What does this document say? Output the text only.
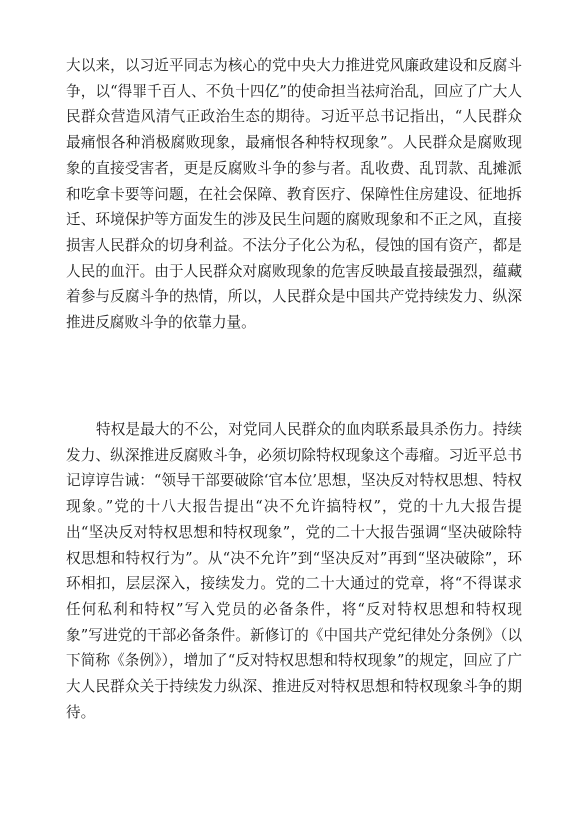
大以来，以习近平同志为核心的党中央大力推进党风廉政建设和反腐斗争，以“得罪千百人、不负十四亿”的使命担当祛疴治乱，回应了广大人民群众营造风清气正政治生态的期待。习近平总书记指出，“人民群众最痛恨各种消极腐败现象，最痛恨各种特权现象”。人民群众是腐败现象的直接受害者，更是反腐败斗争的参与者。乱收费、乱罚款、乱摊派和吃拿卡要等问题，在社会保障、教育医疗、保障性住房建设、征地拆迁、环境保护等方面发生的涉及民生问题的腐败现象和不正之风，直接损害人民群众的切身利益。不法分子化公为私，侵蚀的国有资产，都是人民的血汗。由于人民群众对腐败现象的危害反映最直接最强烈，蕴藏着参与反腐斗争的热情，所以，人民群众是中国共产党持续发力、纵深推进反腐败斗争的依靠力量。

特权是最大的不公，对党同人民群众的血肉联系最具杀伤力。持续发力、纵深推进反腐败斗争，必须切除特权现象这个毒瘤。习近平总书记谆谆告诫：“领导干部要破除‘官本位’思想，坚决反对特权思想、特权现象。”党的十八大报告提出“决不允许搞特权”，党的十九大报告提出“坚决反对特权思想和特权现象”，党的二十大报告强调“坚决破除特权思想和特权行为”。从“决不允许”到“坚决反对”再到“坚决破除”，环环相扣，层层深入，接续发力。党的二十大通过的党章，将“不得谋求任何私利和特权”写入党员的必备条件，将“反对特权思想和特权现象”写进党的干部必备条件。新修订的《中国共产党纪律处分条例》（以下简称《条例》），增加了“反对特权思想和特权现象”的规定，回应了广大人民群众关于持续发力纵深、推进反对特权思想和特权现象斗争的期待。
